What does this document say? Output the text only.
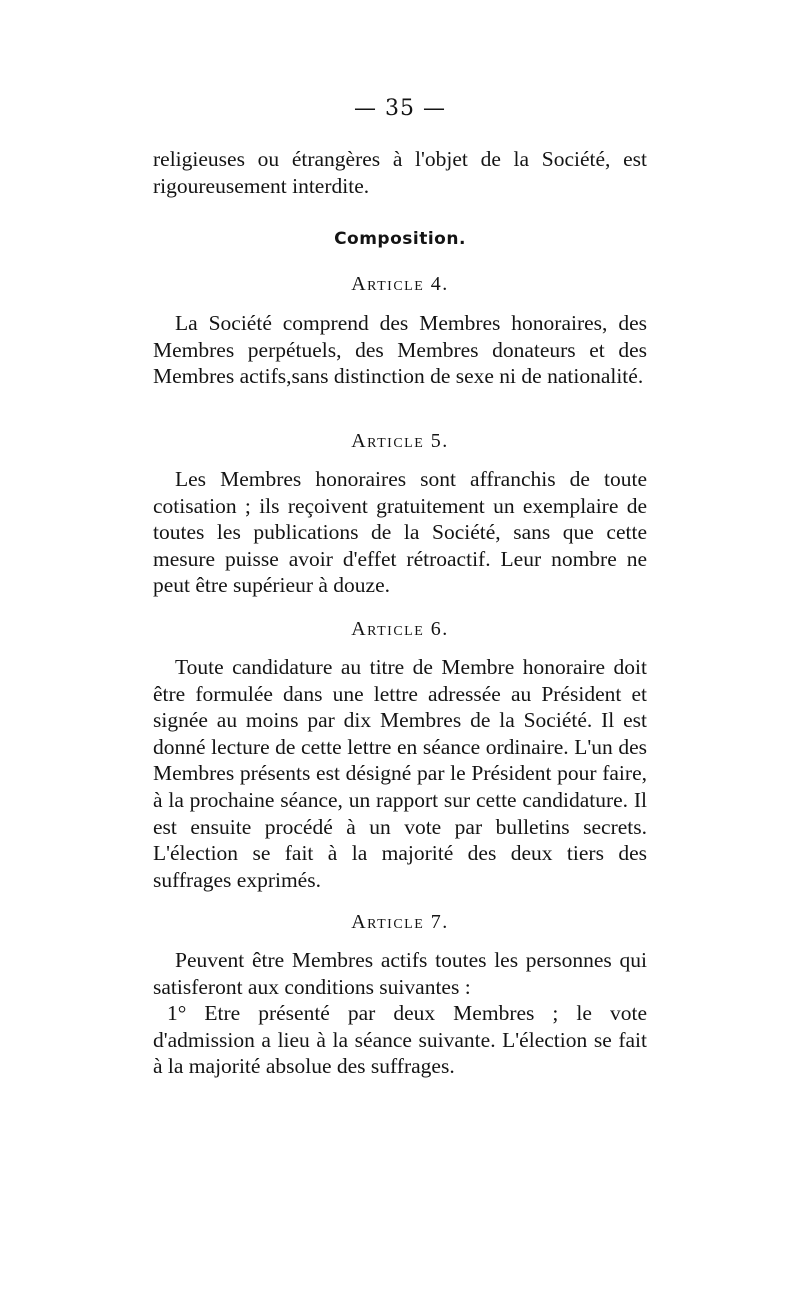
— 35 —

religieuses ou étrangères à l'objet de la Société, est rigoureusement interdite.

Composition.
Article 4.

La Société comprend des Membres honoraires, des Membres perpétuels, des Membres donateurs et des Membres actifs,sans distinction de sexe ni de nationalité.

Article 5.

Les Membres honoraires sont affranchis de toute cotisation ; ils reçoivent gratuitement un exemplaire de toutes les publications de la Société, sans que cette mesure puisse avoir d'effet rétroactif. Leur nombre ne peut être supérieur à douze.

Article 6.

Toute candidature au titre de Membre honoraire doit être formulée dans une lettre adressée au Président et signée au moins par dix Membres de la Société. Il est donné lecture de cette lettre en séance ordinaire. L'un des Membres présents est désigné par le Président pour faire, à la prochaine séance, un rapport sur cette candidature. Il est ensuite procédé à un vote par bulletins secrets. L'élection se fait à la majorité des deux tiers des suffrages exprimés.

Article 7.

Peuvent être Membres actifs toutes les personnes qui satisferont aux conditions suivantes :

1° Etre présenté par deux Membres ; le vote d'admission a lieu à la séance suivante. L'élection se fait à la majorité absolue des suffrages.
